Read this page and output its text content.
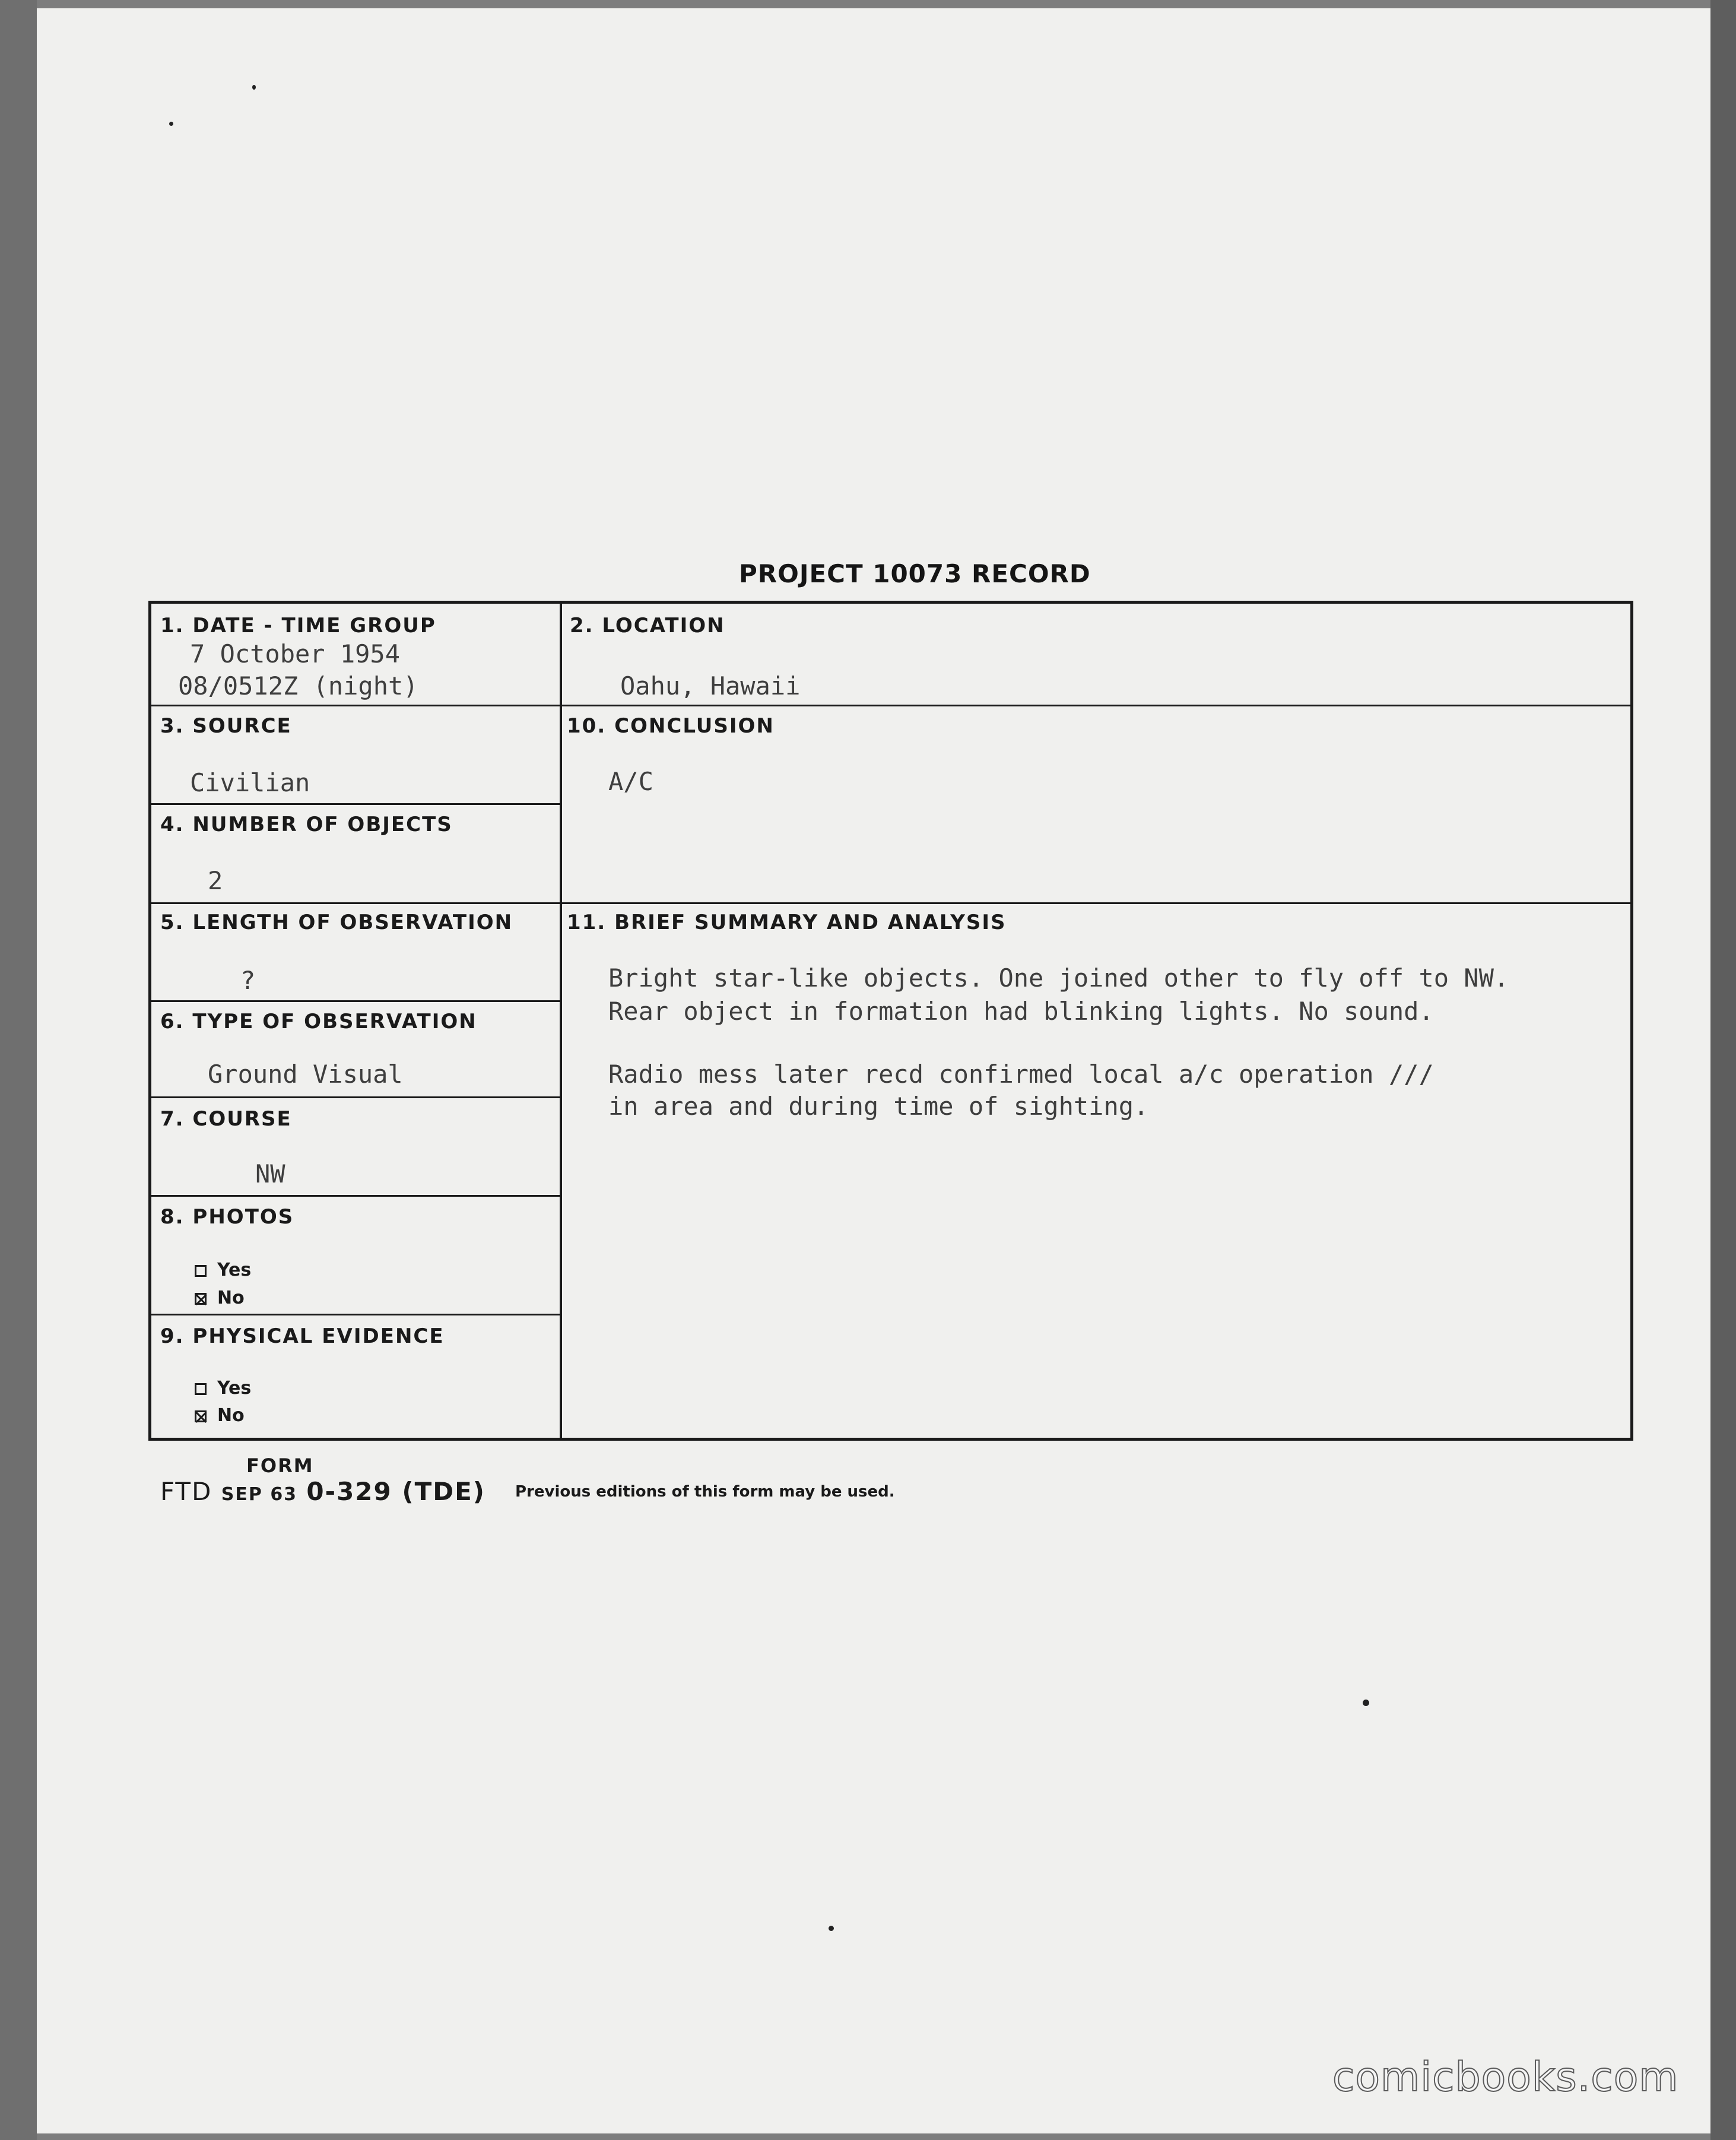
PROJECT 10073 RECORD
1. DATE - TIME GROUP
7 October 1954
08/0512Z (night)
2. LOCATION
Oahu, Hawaii
3. SOURCE
Civilian
4. NUMBER OF OBJECTS
2
5. LENGTH OF OBSERVATION
?
6. TYPE OF OBSERVATION
Ground Visual
7. COURSE
NW
8. PHOTOS
Yes
No
9. PHYSICAL EVIDENCE
Yes
No
10. CONCLUSION
A/C
11. BRIEF SUMMARY AND ANALYSIS
Bright star-like objects. One joined other to fly off to NW.
Rear object in formation had blinking lights. No sound.
Radio mess later recd confirmed local a/c operation ///
in area and during time of sighting.
FORM
FTD SEP 63 0-329 (TDE) Previous editions of this form may be used.
comicbooks.com
